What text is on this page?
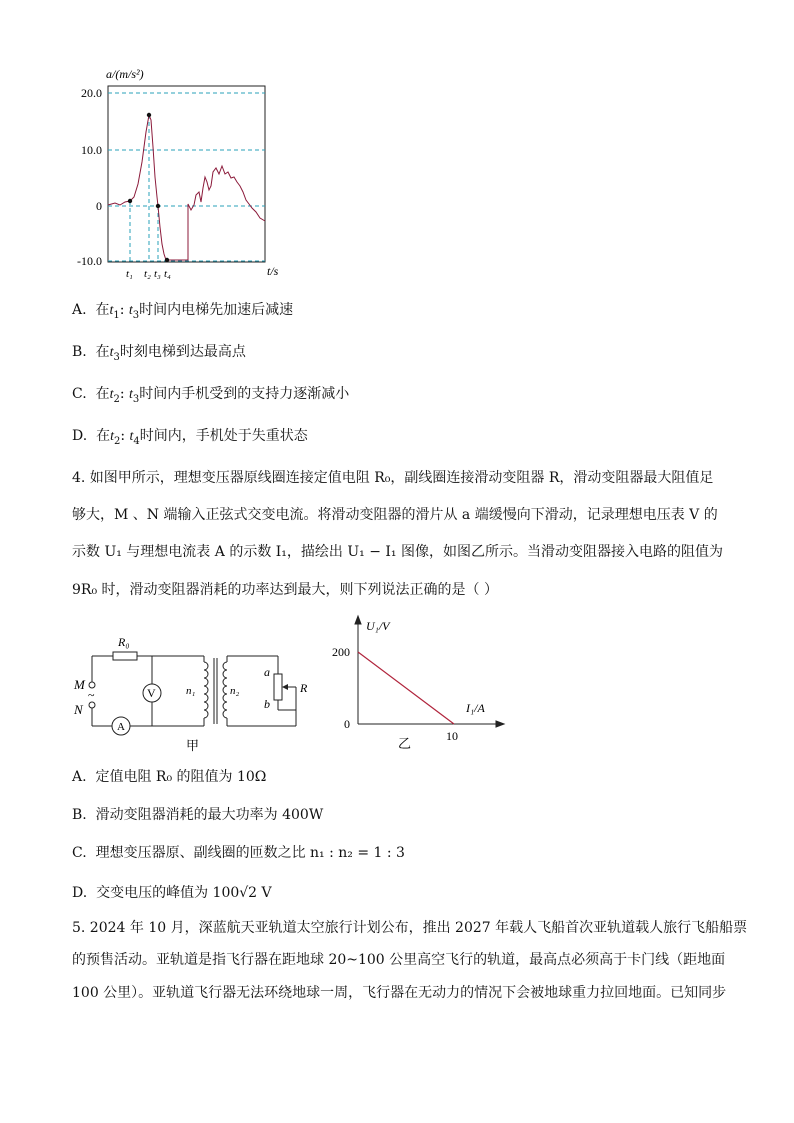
a/(m/s²)
20.0
10.0
0
-10.0
t₁ t₂ t₃ t₄	t/s
A. 在$t_1$: $t_3$时间内电梯先加速后减速
B. 在$t_3$时刻电梯到达最高点
C. 在$t_2$: $t_3$时间内手机受到的支持力逐渐减小
D. 在$t_2$: $t_4$时间内，手机处于失重状态
4. 如图甲所示，理想变压器原线圈连接定值电阻 R₀，副线圈连接滑动变阻器 R，滑动变阻器最大阻值足
够大，M 、N 端输入正弦式交变电流。将滑动变阻器的滑片从 a 端缓慢向下滑动，记录理想电压表 V 的
示数 U₁ 与理想电流表 A 的示数 I₁，描绘出 U₁ − I₁ 图像，如图乙所示。当滑动变阻器接入电路的阻值为
9R₀ 时，滑动变阻器消耗的功率达到最大，则下列说法正确的是（ ）
R₀
M
~
N
V
A
n₁	n₂
a
b
R
甲
U₁/V
200
0
I₁/A
10
乙
A. 定值电阻 R₀ 的阻值为 10Ω
B. 滑动变阻器消耗的最大功率为 400W
C. 理想变压器原、副线圈的匝数之比 n₁ : n₂ = 1 : 3
D. 交变电压的峰值为 100√2 V
5. 2024 年 10 月，深蓝航天亚轨道太空旅行计划公布，推出 2027 年载人飞船首次亚轨道载人旅行飞船船票
的预售活动。亚轨道是指飞行器在距地球 20~100 公里高空飞行的轨道，最高点必须高于卡门线（距地面
100 公里）。亚轨道飞行器无法环绕地球一周，飞行器在无动力的情况下会被地球重力拉回地面。已知同步
